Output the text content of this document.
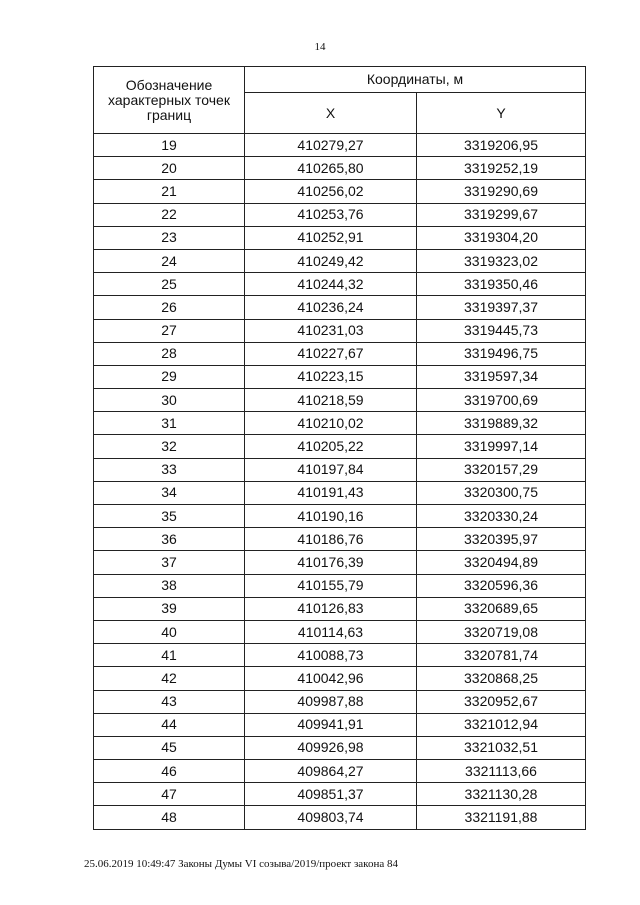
14
Обозначение характерных точек границ	Координаты, м	
	X	Y
19	410279,27	3319206,95
20	410265,80	3319252,19
21	410256,02	3319290,69
22	410253,76	3319299,67
23	410252,91	3319304,20
24	410249,42	3319323,02
25	410244,32	3319350,46
26	410236,24	3319397,37
27	410231,03	3319445,73
28	410227,67	3319496,75
29	410223,15	3319597,34
30	410218,59	3319700,69
31	410210,02	3319889,32
32	410205,22	3319997,14
33	410197,84	3320157,29
34	410191,43	3320300,75
35	410190,16	3320330,24
36	410186,76	3320395,97
37	410176,39	3320494,89
38	410155,79	3320596,36
39	410126,83	3320689,65
40	410114,63	3320719,08
41	410088,73	3320781,74
42	410042,96	3320868,25
43	409987,88	3320952,67
44	409941,91	3321012,94
45	409926,98	3321032,51
46	409864,27	3321113,66
47	409851,37	3321130,28
48	409803,74	3321191,88
25.06.2019 10:49:47 Законы Думы VI созыва/2019/проект закона 84
